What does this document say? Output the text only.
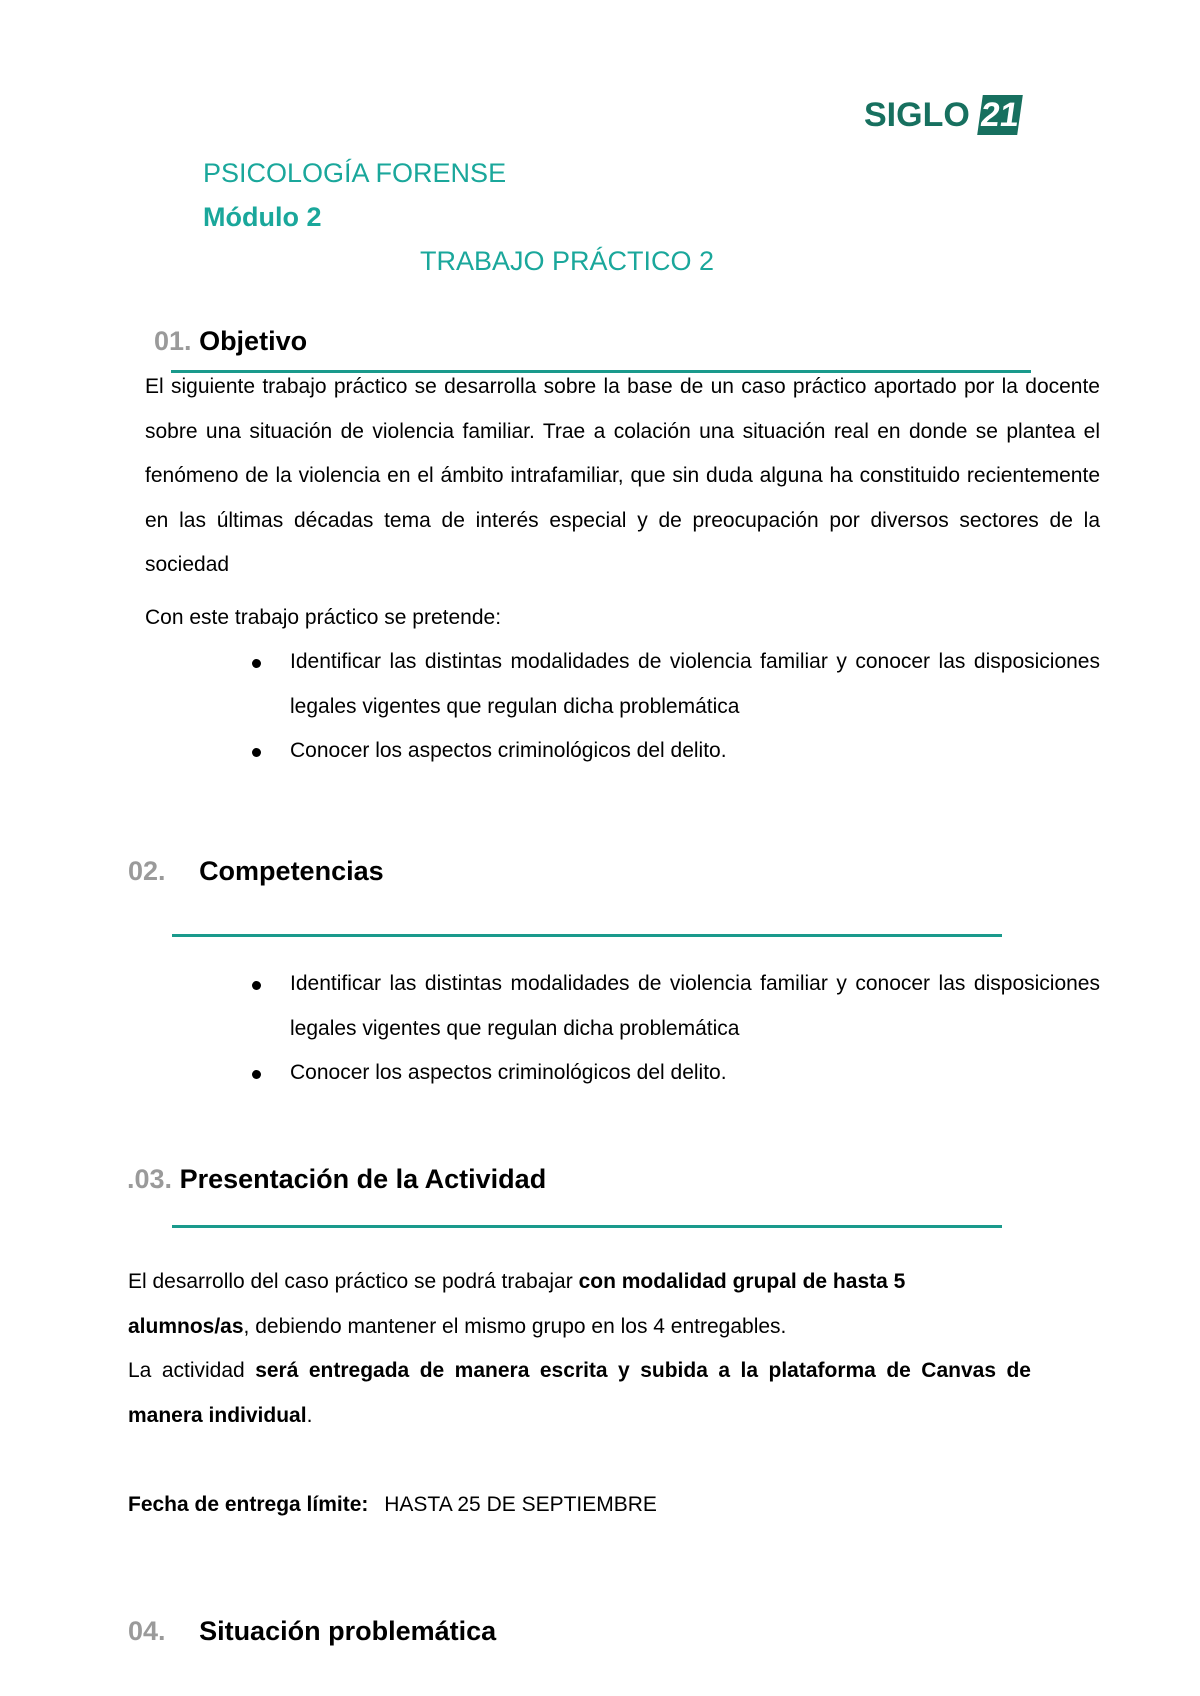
SIGLO 21
PSICOLOGÍA FORENSE
Módulo 2
TRABAJO PRÁCTICO 2
01. Objetivo
El siguiente trabajo práctico se desarrolla sobre la base de un caso práctico aportado por la docente sobre una situación de violencia familiar. Trae a colación una situación real en donde se plantea el fenómeno de la violencia en el ámbito intrafamiliar, que sin duda alguna ha constituido recientemente en las últimas décadas tema de interés especial y de preocupación por diversos sectores de la sociedad
Con este trabajo práctico se pretende:
Identificar las distintas modalidades de violencia familiar y conocer las disposiciones legales vigentes que regulan dicha problemática
Conocer los aspectos criminológicos del delito.
02. Competencias
Identificar las distintas modalidades de violencia familiar y conocer las disposiciones legales vigentes que regulan dicha problemática
Conocer los aspectos criminológicos del delito.
.03. Presentación de la Actividad
El desarrollo del caso práctico se podrá trabajar con modalidad grupal de hasta 5 alumnos/as, debiendo mantener el mismo grupo en los 4 entregables.
La actividad será entregada de manera escrita y subida a la plataforma de Canvas de manera individual.
Fecha de entrega límite: HASTA 25 DE SEPTIEMBRE
04. Situación problemática
